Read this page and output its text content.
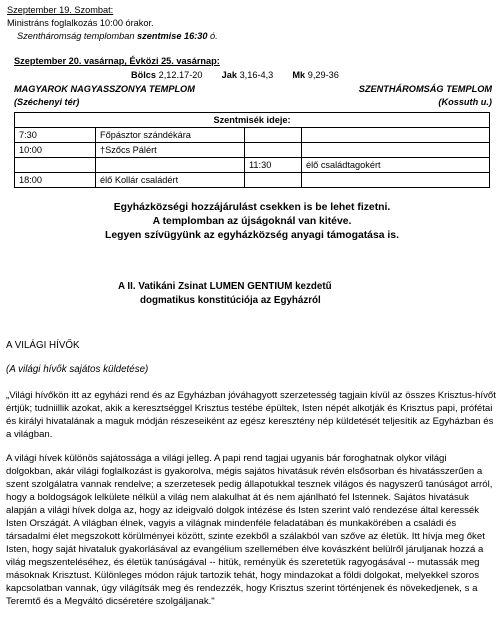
Szeptember 19. Szombat:
Ministráns foglalkozás 10:00 órakor.
Szentháromság templomban szentmise 16:30 ó.
Szeptember 20. vasárnap, Évközi 25. vasárnap:
Bölcs 2,12.17-20 Jak 3,16-4,3 Mk 9,29-36
MAGYAROK NAGYASSZONYA TEMPLOM
(Széchenyi tér)
SZENTHÁROMSÁG TEMPLOM
(Kossuth u.)
Szentmisék ideje:			
7:30	Főpásztor szándékára		
10:00	†Szőcs Pálért		
		11:30	élő családtagokért
18:00	élő Kollár családért		
Egyházközségi hozzájárulást csekken is be lehet fizetni.
A templomban az újságoknál van kitéve.
Legyen szívügyünk az egyházközség anyagi támogatása is.
A II. Vatikáni Zsinat LUMEN GENTIUM kezdetű
dogmatikus konstitúciója az Egyházról
A VILÁGI HÍVŐK
(A világi hívők sajátos küldetése)
„Világi hívőkön itt az egyházi rend és az Egyházban jóváhagyott szerzetesség tagjain kívül az összes Krisztus-hívőt értjük; tudniillik azokat, akik a keresztséggel Krisztus testébe épültek, Isten népét alkotják és Krisztus papi, prófétai és királyi hivatalának a maguk módján részeseiként az egész keresztény nép küldetését teljesítik az Egyházban és a világban.
A világi hívek különös sajátossága a világi jelleg. A papi rend tagjai ugyanis bár foroghatnak olykor világi dolgokban, akár világi foglalkozást is gyakorolva, mégis sajátos hivatásuk révén elsősorban és hivatásszerűen a szent szolgálatra vannak rendelve; a szerzetesek pedig állapotukkal tesznek világos és nagyszerű tanúságot arról, hogy a boldogságok lelkülete nélkül a világ nem alakulhat át és nem ajánlható fel Istennek. Sajátos hivatásuk alapján a világi hívek dolga az, hogy az ideigvaló dolgok intézése és Isten szerint való rendezése által keressék Isten Országát. A világban élnek, vagyis a világnak mindenféle feladatában és munkakörében a családi és társadalmi élet megszokott körülményei között, szinte ezekből a szálakból van szőve az életük. Itt hívja meg őket Isten, hogy saját hivataluk gyakorlásával az evangélium szellemében élve kovászként belülről járuljanak hozzá a világ megszenteléséhez, és életük tanúságával -- hitük, reményük és szeretetük ragyogásával -- mutassák meg másoknak Krisztust. Különleges módon rájuk tartozik tehát, hogy mindazokat a földi dolgokat, melyekkel szoros kapcsolatban vannak, úgy világítsák meg és rendezzék, hogy Krisztus szerint történjenek és növekedjenek, s a Teremtő és a Megváltó dicséretére szolgáljanak."
